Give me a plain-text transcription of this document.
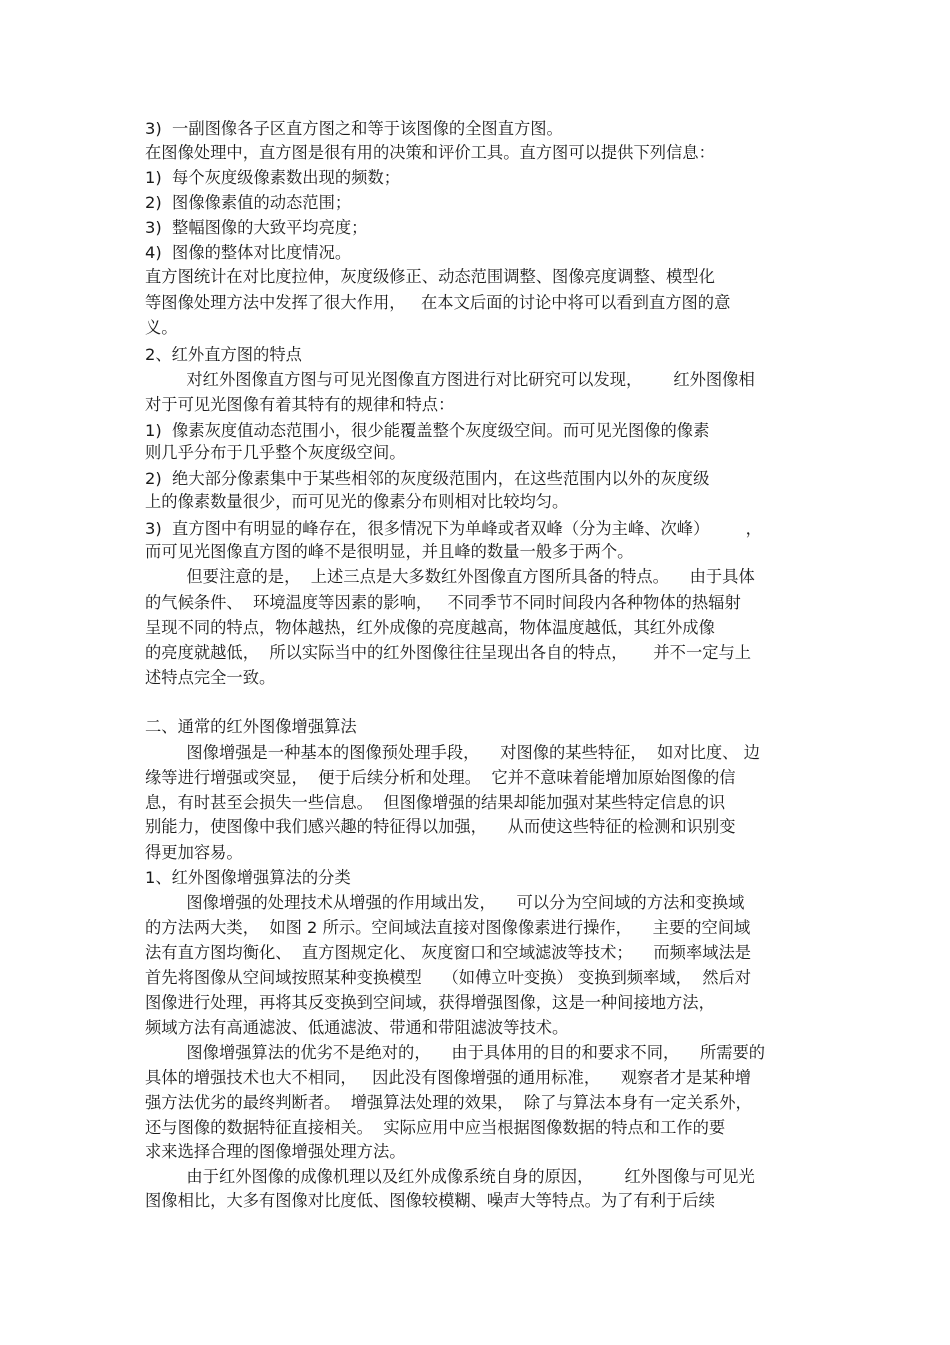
3)  一副图像各子区直方图之和等于该图像的全图直方图。
在图像处理中，直方图是很有用的决策和评价工具。直方图可以提供下列信息：
1)  每个灰度级像素数出现的频数；
2)  图像像素值的动态范围；
3)  整幅图像的大致平均亮度；
4)  图像的整体对比度情况。
直方图统计在对比度拉伸，灰度级修正、动态范围调整、图像亮度调整、模型化
等图像处理方法中发挥了很大作用，   在本文后面的讨论中将可以看到直方图的意
义。
2、红外直方图的特点
对红外图像直方图与可见光图像直方图进行对比研究可以发现，      红外图像相
对于可见光图像有着其特有的规律和特点：
1)  像素灰度值动态范围小，很少能覆盖整个灰度级空间。而可见光图像的像素
则几乎分布于几乎整个灰度级空间。
2)  绝大部分像素集中于某些相邻的灰度级范围内，在这些范围内以外的灰度级
上的像素数量很少，而可见光的像素分布则相对比较均匀。
3)  直方图中有明显的峰存在，很多情况下为单峰或者双峰（分为主峰、次峰）       ，
而可见光图像直方图的峰不是很明显，并且峰的数量一般多于两个。
但要注意的是，  上述三点是大多数红外图像直方图所具备的特点。    由于具体
的气候条件、  环境温度等因素的影响，   不同季节不同时间段内各种物体的热辐射
呈现不同的特点，物体越热，红外成像的亮度越高，物体温度越低，其红外成像
的亮度就越低，  所以实际当中的红外图像往往呈现出各自的特点，     并不一定与上
述特点完全一致。
二、通常的红外图像增强算法
图像增强是一种基本的图像预处理手段，    对图像的某些特征，  如对比度、 边
缘等进行增强或突显，  便于后续分析和处理。  它并不意味着能增加原始图像的信
息，有时甚至会损失一些信息。  但图像增强的结果却能加强对某些特定信息的识
别能力，使图像中我们感兴趣的特征得以加强，    从而使这些特征的检测和识别变
得更加容易。
1、红外图像增强算法的分类
图像增强的处理技术从增强的作用域出发，    可以分为空间域的方法和变换域
的方法两大类，  如图 2 所示。空间域法直接对图像像素进行操作，    主要的空间域
法有直方图均衡化、  直方图规定化、 灰度窗口和空域滤波等技术；    而频率域法是
首先将图像从空间域按照某种变换模型    （如傅立叶变换） 变换到频率域，  然后对
图像进行处理，再将其反变换到空间域，获得增强图像，这是一种间接地方法，
频域方法有高通滤波、低通滤波、带通和带阻滤波等技术。
图像增强算法的优劣不是绝对的，    由于具体用的目的和要求不同，    所需要的
具体的增强技术也大不相同，   因此没有图像增强的通用标准，    观察者才是某种增
强方法优劣的最终判断者。  增强算法处理的效果，  除了与算法本身有一定关系外，
还与图像的数据特征直接相关。  实际应用中应当根据图像数据的特点和工作的要
求来选择合理的图像增强处理方法。
由于红外图像的成像机理以及红外成像系统自身的原因，      红外图像与可见光
图像相比，大多有图像对比度低、图像较模糊、噪声大等特点。为了有利于后续
